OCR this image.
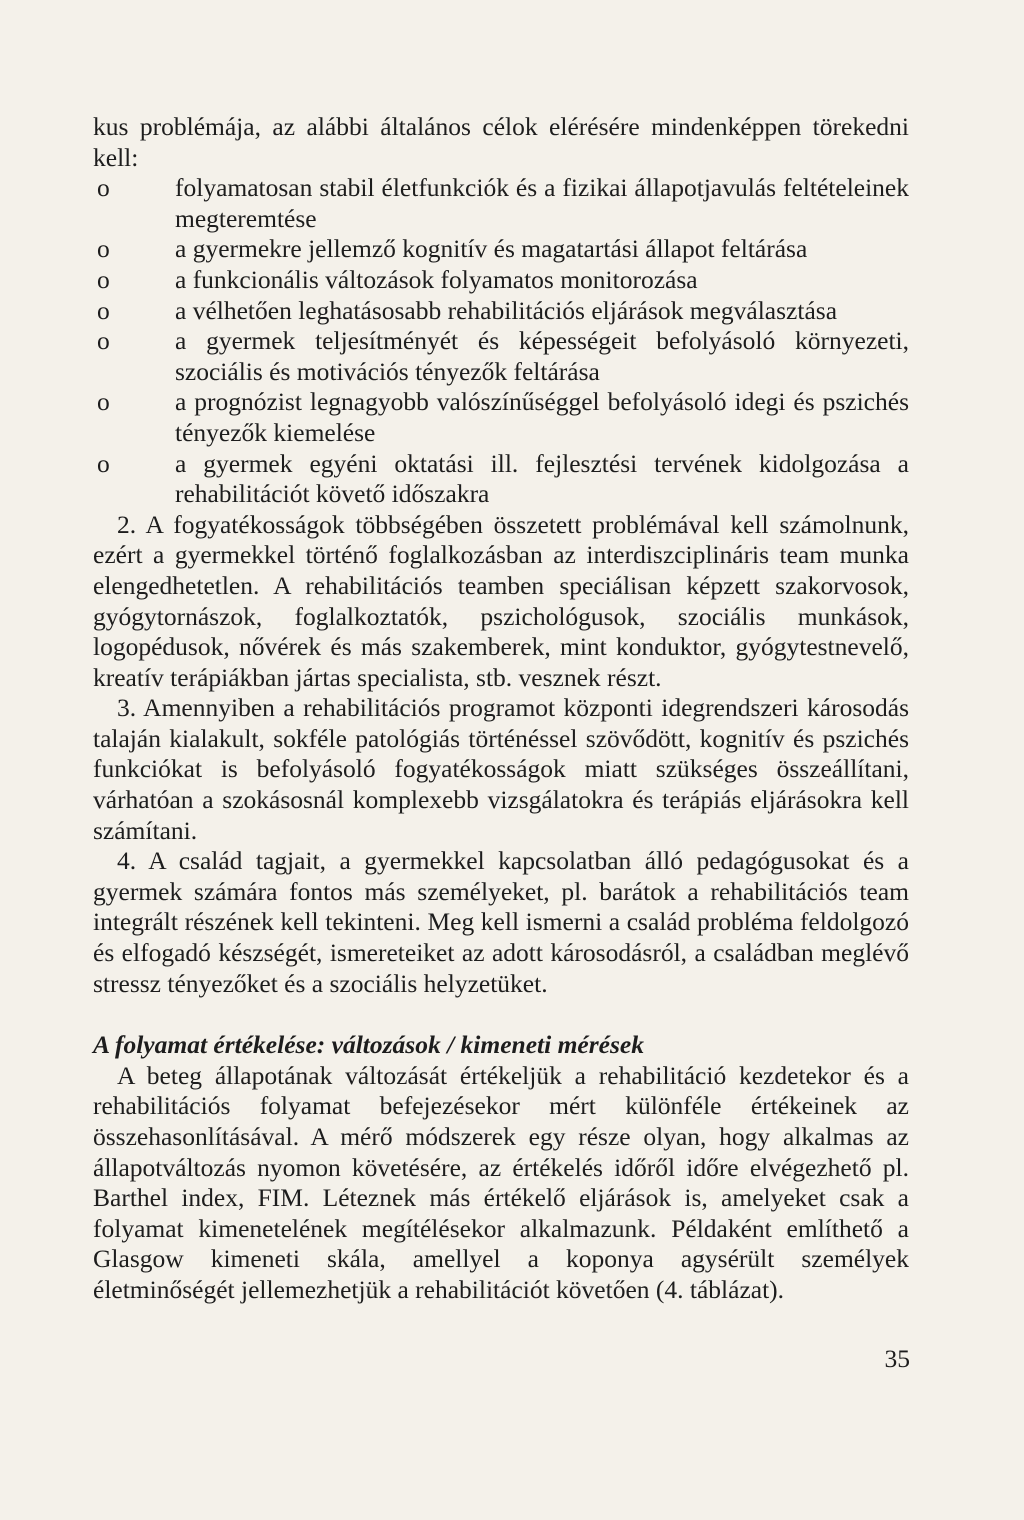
kus problémája, az alábbi általános célok elérésére mindenképpen törekedni kell:

o	folyamatosan stabil életfunkciók és a fizikai állapotjavulás feltételeinek megteremtése
o	a gyermekre jellemző kognitív és magatartási állapot feltárása
o	a funkcionális változások folyamatos monitorozása
o	a vélhetően leghatásosabb rehabilitációs eljárások megválasztása
o	a gyermek teljesítményét és képességeit befolyásoló környezeti, szociális és motivációs tényezők feltárása
o	a prognózist legnagyobb valószínűséggel befolyásoló idegi és pszichés tényezők kiemelése
o	a gyermek egyéni oktatási ill. fejlesztési tervének kidolgozása a rehabilitációt követő időszakra

2. A fogyatékosságok többségében összetett problémával kell számolnunk, ezért a gyermekkel történő foglalkozásban az interdiszciplináris team munka elengedhetetlen. A rehabilitációs teamben speciálisan képzett szakorvosok, gyógytornászok, foglalkoztatók, pszichológusok, szociális munkások, logopédusok, nővérek és más szakemberek, mint konduktor, gyógytestnevelő, kreatív terápiákban jártas specialista, stb. vesznek részt.

3. Amennyiben a rehabilitációs programot központi idegrendszeri károsodás talaján kialakult, sokféle patológiás történéssel szövődött, kognitív és pszichés funkciókat is befolyásoló fogyatékosságok miatt szükséges összeállítani, várhatóan a szokásosnál komplexebb vizsgálatokra és terápiás eljárásokra kell számítani.

4. A család tagjait, a gyermekkel kapcsolatban álló pedagógusokat és a gyermek számára fontos más személyeket, pl. barátok a rehabilitációs team integrált részének kell tekinteni. Meg kell ismerni a család probléma feldolgozó és elfogadó készségét, ismereteiket az adott károsodásról, a családban meglévő stressz tényezőket és a szociális helyzetüket.

A folyamat értékelése: változások / kimeneti mérések

A beteg állapotának változását értékeljük a rehabilitáció kezdetekor és a rehabilitációs folyamat befejezésekor mért különféle értékeinek az összehasonlításával. A mérő módszerek egy része olyan, hogy alkalmas az állapotváltozás nyomon követésére, az értékelés időről időre elvégezhető pl. Barthel index, FIM. Léteznek más értékelő eljárások is, amelyeket csak a folyamat kimenetelének megítélésekor alkalmazunk. Példaként említhető a Glasgow kimeneti skála, amellyel a koponya agysérült személyek életminőségét jellemezhetjük a rehabilitációt követően (4. táblázat).

35
